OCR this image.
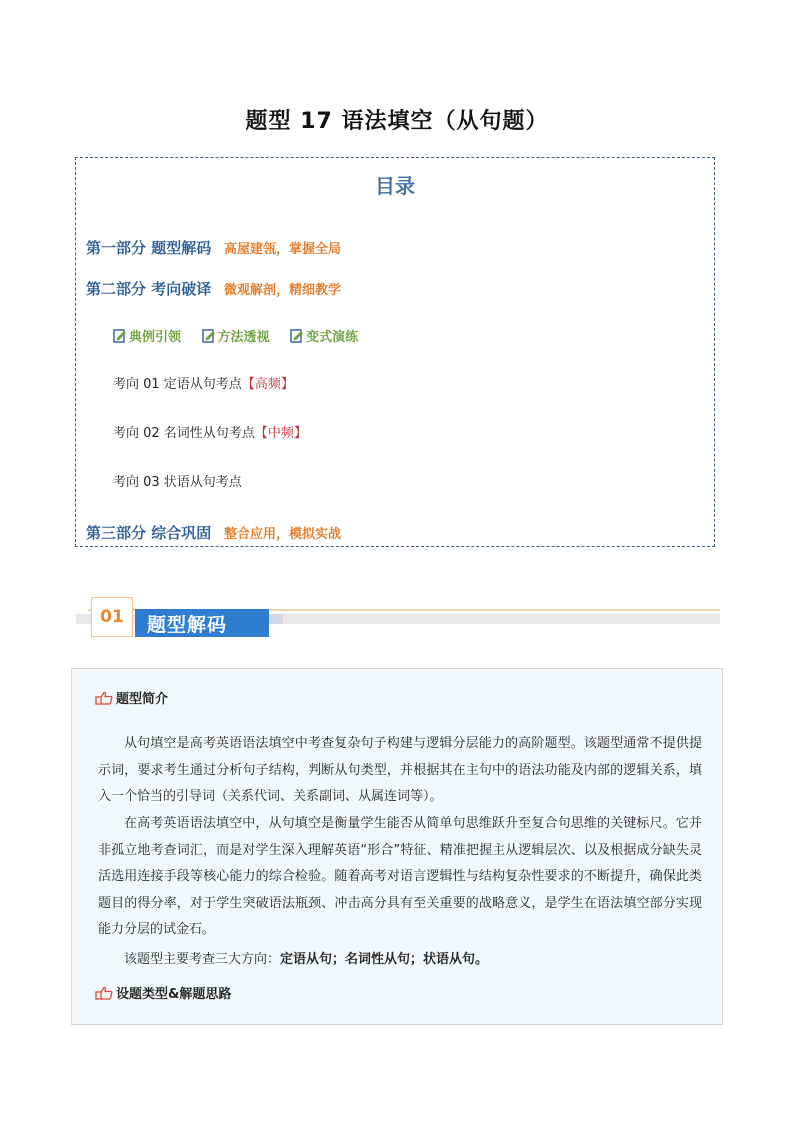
题型 17 语法填空（从句题）
目录
第一部分 题型解码 高屋建瓴，掌握全局
第二部分 考向破译 微观解剖，精细教学
典例引领
	方法透视
	变式演练
考向 01 定语从句考点【高频】
考向 02 名词性从句考点【中频】
考向 03 状语从句考点
第三部分 综合巩固 整合应用，模拟实战
01	题型解码
题型简介
从句填空是高考英语语法填空中考查复杂句子构建与逻辑分层能力的高阶题型。该题型通常不提供提示词，要求考生通过分析句子结构，判断从句类型，并根据其在主句中的语法功能及内部的逻辑关系，填入一个恰当的引导词（关系代词、关系副词、从属连词等）。
在高考英语语法填空中，从句填空是衡量学生能否从简单句思维跃升至复合句思维的关键标尺。它并非孤立地考查词汇，而是对学生深入理解英语“形合”特征、精准把握主从逻辑层次、以及根据成分缺失灵活选用连接手段等核心能力的综合检验。随着高考对语言逻辑性与结构复杂性要求的不断提升，确保此类题目的得分率，对于学生突破语法瓶颈、冲击高分具有至关重要的战略意义，是学生在语法填空部分实现能力分层的试金石。
该题型主要考查三大方向：定语从句；名词性从句；状语从句。
设题类型&解题思路
